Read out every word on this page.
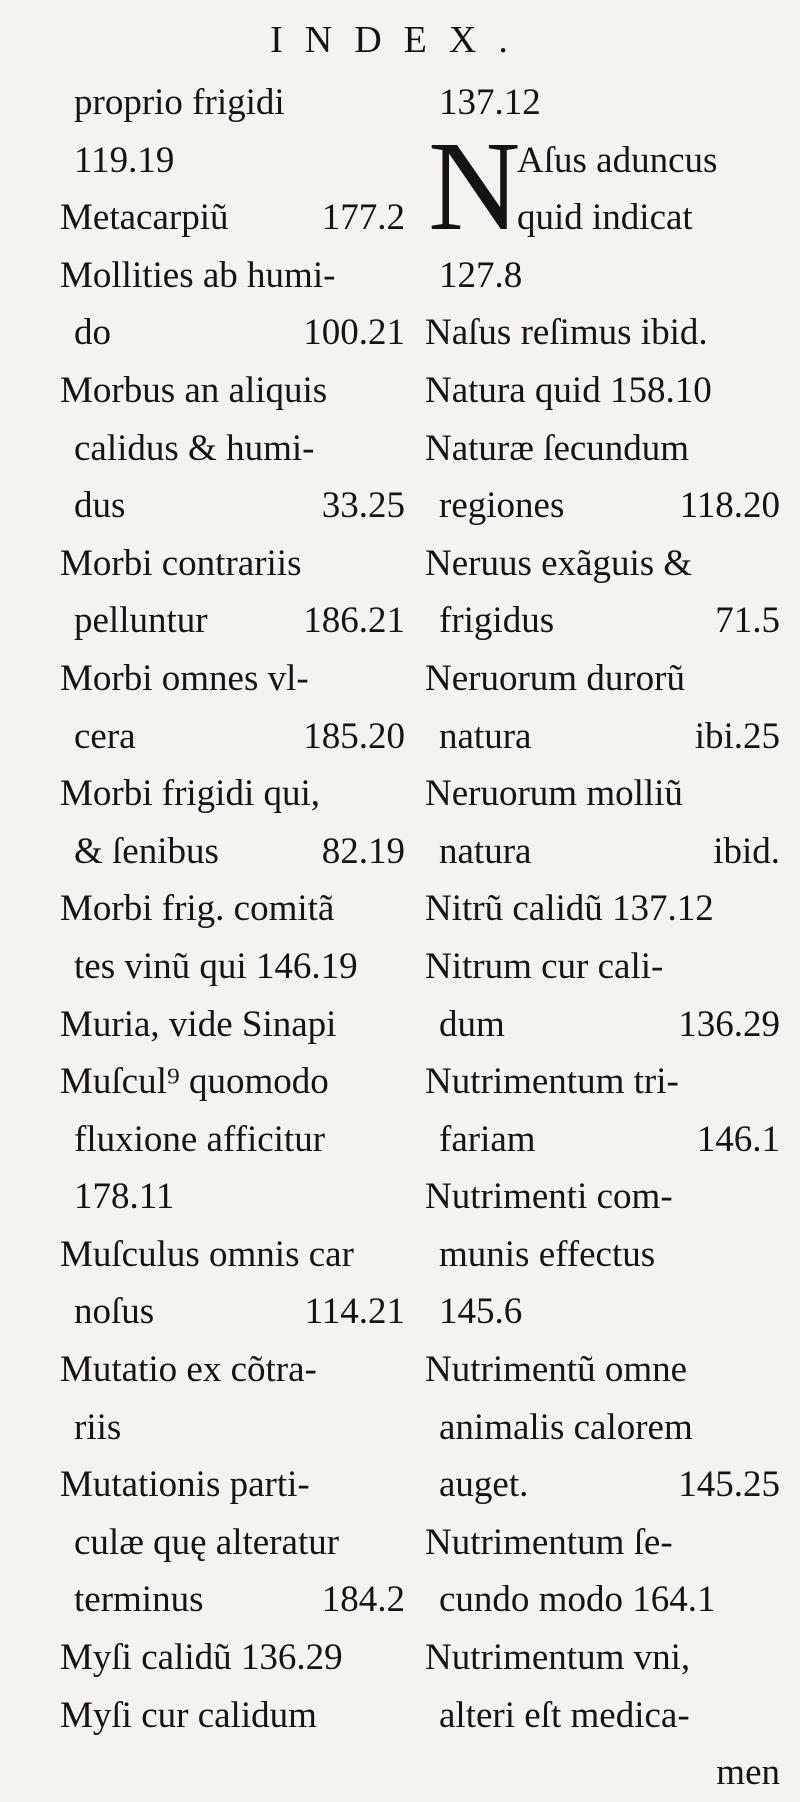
INDEX.
proprio frigidi
119.19
Metacarpiũ	177.2
Mollities ab humi-
do	100.21
Morbus an aliquis
calidus & humi-
dus	33.25
Morbi contrariis
pelluntur	186.21
Morbi omnes vl-
cera	185.20
Morbi frigidi qui,
& ſenibus	82.19
Morbi frig. comitã
tes vinũ qui 146.19
Muria, vide Sinapi
Muſcul⁹ quomodo
fluxione afficitur
178.11
Muſculus omnis car
noſus	114.21
Mutatio ex cõtra-
riis
Mutationis parti-
culæ quę alteratur
terminus	184.2
Myſi calidũ 136.29
Myſi cur calidum
N
137.12
Aſus aduncus
quid indicat
127.8
Naſus reſimus ibid.
Natura quid 158.10
Naturæ ſecundum
regiones	118.20
Neruus exãguis &
frigidus	71.5
Neruorum durorũ
natura	ibi.25
Neruorum molliũ
natura	ibid.
Nitrũ calidũ 137.12
Nitrum cur cali-
dum	136.29
Nutrimentum tri-
fariam	146.1
Nutrimenti com-
munis effectus
145.6
Nutrimentũ omne
animalis calorem
auget.	145.25
Nutrimentum ſe-
cundo modo 164.1
Nutrimentum vni,
alteri eſt medica-
men
